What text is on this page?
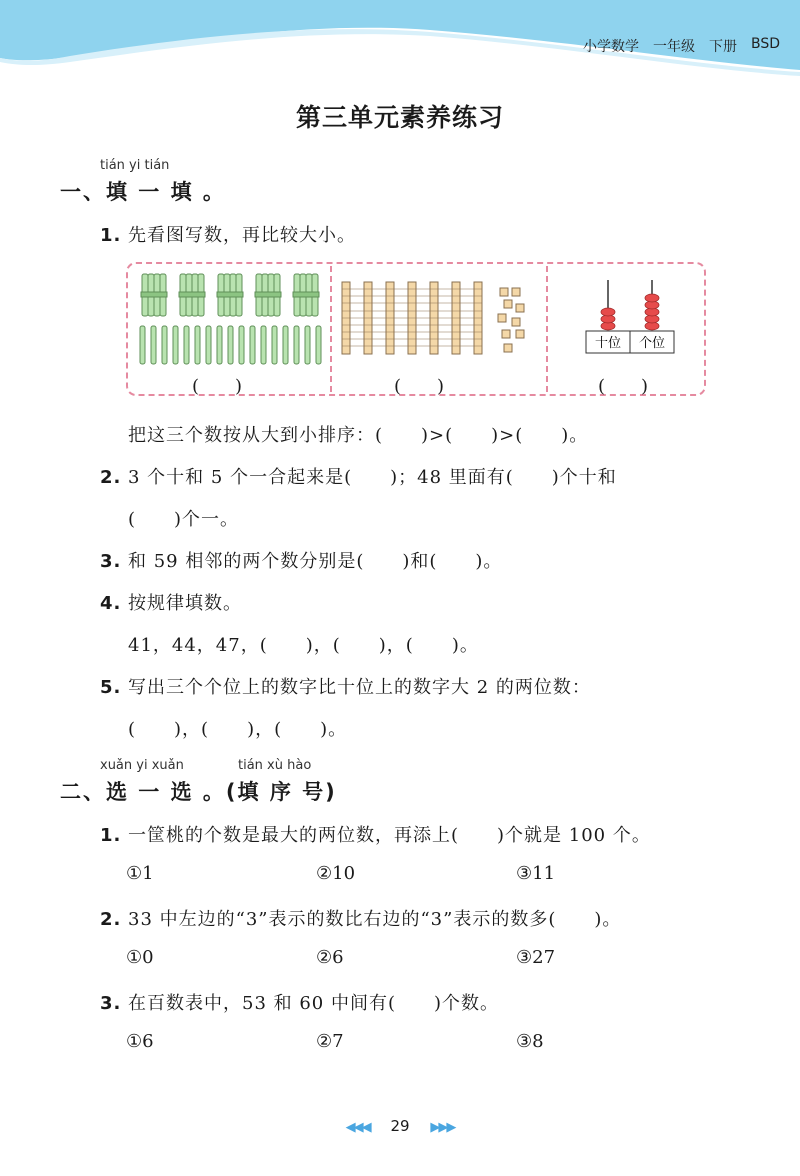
小学数学 一年级 下册 BSD
第三单元素养练习
tián yi tián
一、填 一 填 。
1. 先看图写数，再比较大小。
十位 个位
(　　)	(　　)	(　　)
把这三个数按从大到小排序：(　　)>(　　)>(　　)。
2. 3 个十和 5 个一合起来是(　　)；48 里面有(　　)个十和
(　　)个一。
3. 和 59 相邻的两个数分别是(　　)和(　　)。
4. 按规律填数。
41，44，47，(　　)，(　　)，(　　)。
5. 写出三个个位上的数字比十位上的数字大 2 的两位数：
(　　)，(　　)，(　　)。
xuǎn yi xuǎn	tián xù hào
二、选 一 选 。(填 序 号)
1. 一筐桃的个数是最大的两位数，再添上(　　)个就是 100 个。
①1	②10	③11
2. 33 中左边的“3”表示的数比右边的“3”表示的数多(　　)。
①0	②6	③27
3. 在百数表中，53 和 60 中间有(　　)个数。
①6	②7	③8
◀◀◀ 29 ▶▶▶
